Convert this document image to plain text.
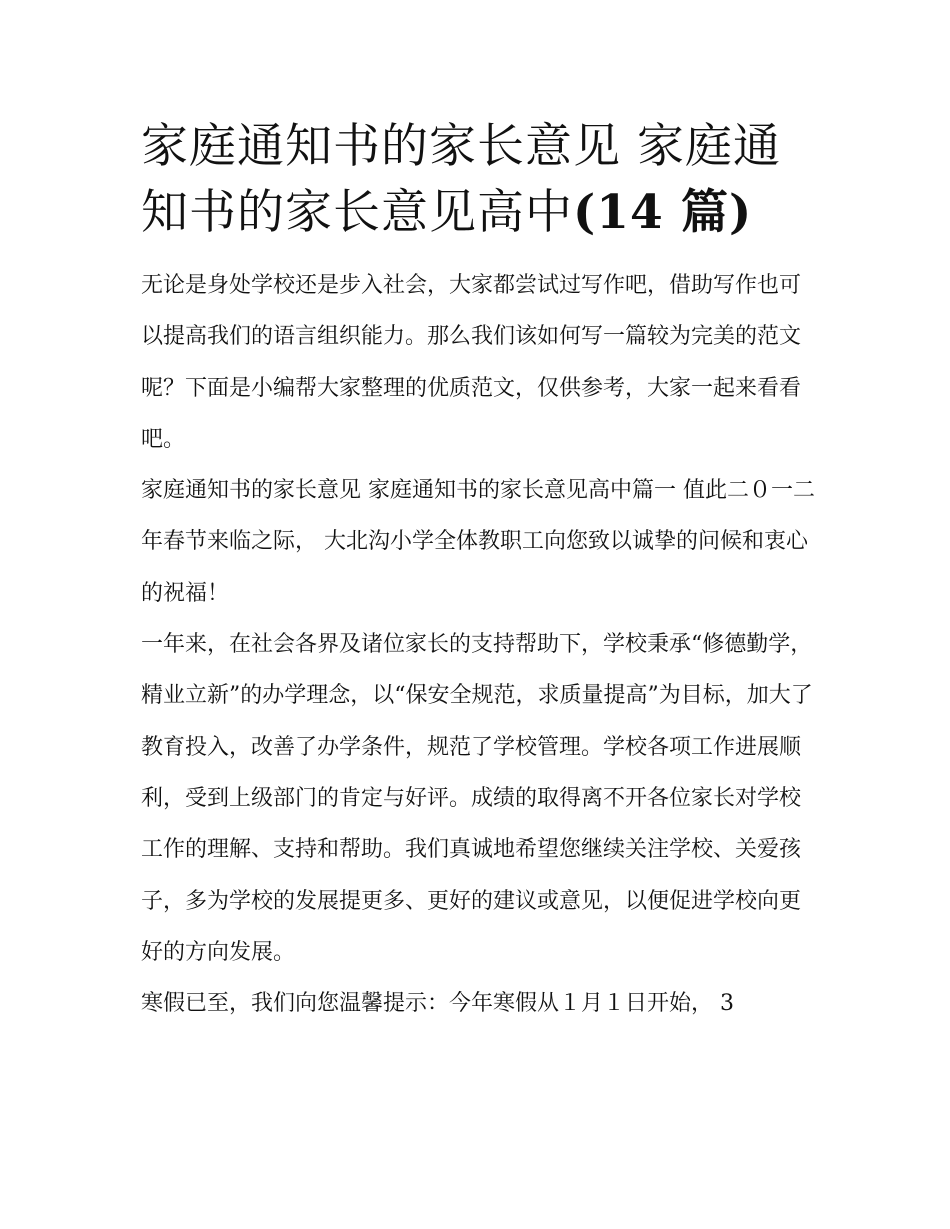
家庭通知书的家长意见 家庭通知书的家长意见高中(14 篇)

无论是身处学校还是步入社会，大家都尝试过写作吧，借助写作也可以提高我们的语言组织能力。那么我们该如何写一篇较为完美的范文呢？下面是小编帮大家整理的优质范文，仅供参考，大家一起来看看吧。

家庭通知书的家长意见 家庭通知书的家长意见高中篇一 值此二０一二年春节来临之际， 大北沟小学全体教职工向您致以诚挚的问候和衷心的祝福！

一年来，在社会各界及诸位家长的支持帮助下，学校秉承“修德勤学，精业立新”的办学理念，以“保安全规范，求质量提高”为目标，加大了教育投入，改善了办学条件，规范了学校管理。学校各项工作进展顺利，受到上级部门的肯定与好评。成绩的取得离不开各位家长对学校工作的理解、支持和帮助。我们真诚地希望您继续关注学校、关爱孩子，多为学校的发展提更多、更好的建议或意见，以便促进学校向更好的方向发展。

寒假已至，我们向您温馨提示：今年寒假从１月１日开始， 3
